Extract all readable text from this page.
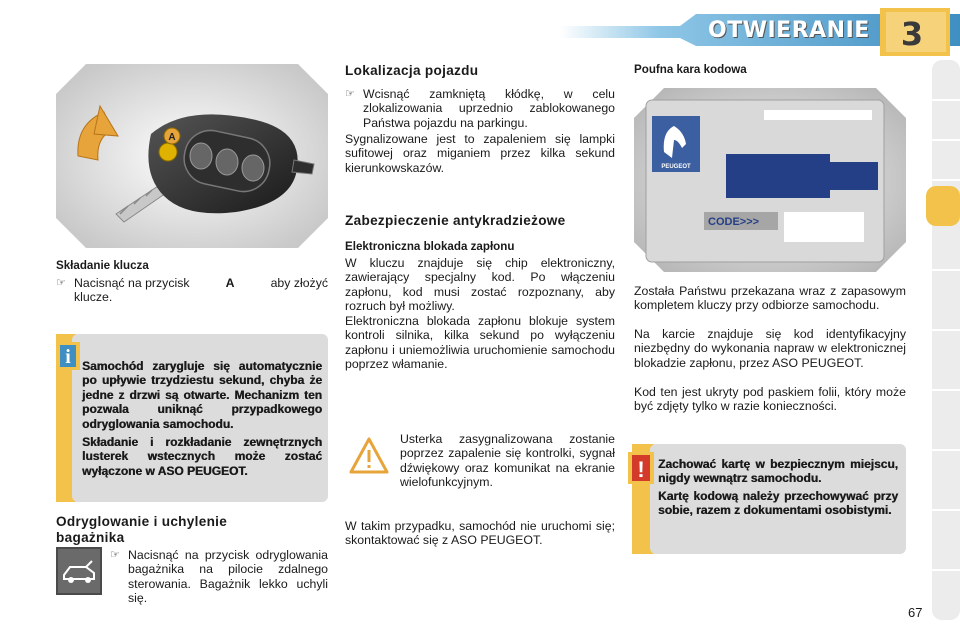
OTWIERANIE 3
A
Składanie klucza
☞ Nacisnąć na przycisk	A	aby złożyć
klucze.
i Samochód zarygluje się automatycznie po upływie trzydziestu sekund, chyba że jedne z drzwi są otwarte. Mechanizm ten pozwala uniknąć przypadkowego odryglowania samochodu.

Składanie i rozkładanie zewnętrznych lusterek wstecznych może zostać wyłączone w ASO PEUGEOT.

Odryglowanie i uchylenie bagażnika
☞ Nacisnąć na przycisk odryglowania bagażnika na pilocie zdalnego sterowania. Bagażnik lekko uchyli się.
Lokalizacja pojazdu
☞ Wcisnąć zamkniętą kłódkę, w celu zlokalizowania uprzednio zablokowanego Państwa pojazdu na parkingu.
Sygnalizowane jest to zapaleniem się lampki sufitowej oraz miganiem przez kilka sekund kierunkowskazów.
Zabezpieczenie antykradzieżowe
Elektroniczna blokada zapłonu
W kluczu znajduje się chip elektroniczny, zawierający specjalny kod. Po włączeniu zapłonu, kod musi zostać rozpoznany, aby rozruch był możliwy.
Elektroniczna blokada zapłonu blokuje system kontroli silnika, kilka sekund po wyłączeniu zapłonu i uniemożliwia uruchomienie samochodu poprzez włamanie.
Usterka zasygnalizowana zostanie poprzez zapalenie się kontrolki, sygnał dźwiękowy oraz komunikat na ekranie wielofunkcyjnym.
W takim przypadku, samochód nie uruchomi się; skontaktować się z ASO PEUGEOT.
Poufna kara kodowa
PEUGEOT
CODE>>>
Została Państwu przekazana wraz z zapasowym kompletem kluczy przy odbiorze samochodu.
Na karcie znajduje się kod identyfikacyjny niezbędny do wykonania napraw w elektronicznej blokadzie zapłonu, przez ASO PEUGEOT.
Kod ten jest ukryty pod paskiem folii, który może być zdjęty tylko w razie konieczności.
! Zachować kartę w bezpiecznym miejscu, nigdy wewnątrz samochodu.

Kartę kodową należy przechowywać przy sobie, razem z dokumentami osobistymi.

67
